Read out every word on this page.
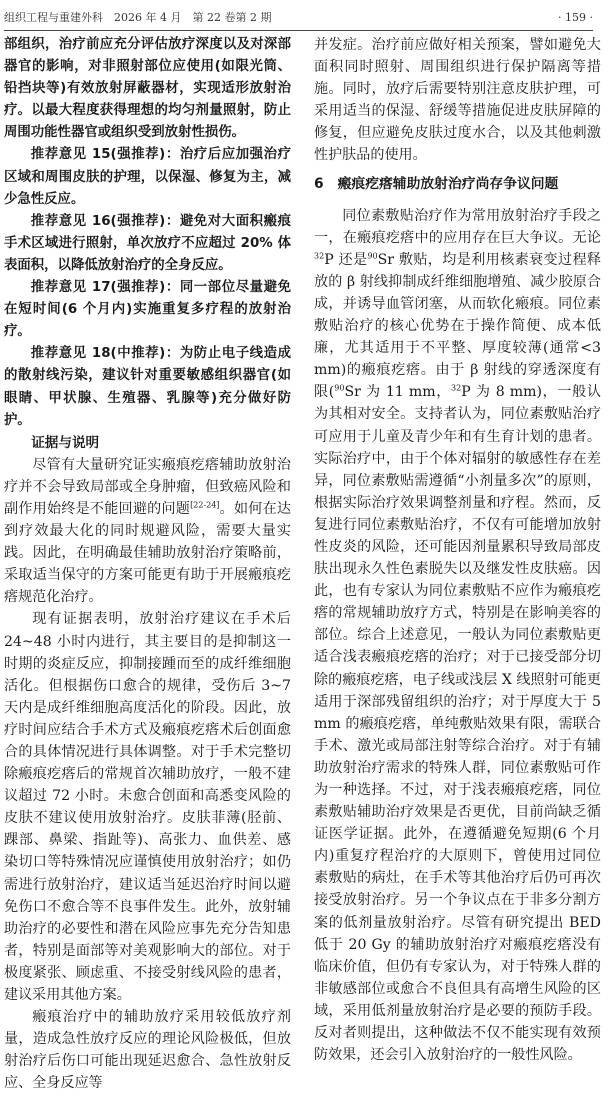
组织工程与重建外科　 2026 年 4 月　第 22 卷第 2 期	· 159 ·

部组织，治疗前应充分评估放疗深度以及对深部器官的影响，对非照射部位应使用(如限光筒、铅挡块等)有效放射屏蔽器材，实现适形放射治疗。以最大程度获得理想的均匀剂量照射，防止周围功能性器官或组织受到放射性损伤。

推荐意见 15(强推荐)：治疗后应加强治疗区域和周围皮肤的护理，以保湿、修复为主，减少急性反应。

推荐意见 16(强推荐)：避免对大面积瘢痕手术区域进行照射，单次放疗不应超过 20% 体表面积，以降低放射治疗的全身反应。

推荐意见 17(强推荐)：同一部位尽量避免在短时间(6 个月内)实施重复多疗程的放射治疗。

推荐意见 18(中推荐)：为防止电子线造成的散射线污染，建议针对重要敏感组织器官(如眼睛、甲状腺、生殖器、乳腺等)充分做好防护。

证据与说明

尽管有大量研究证实瘢痕疙瘩辅助放射治疗并不会导致局部或全身肿瘤，但致癌风险和副作用始终是不能回避的问题[22-24]。如何在达到疗效最大化的同时规避风险，需要大量实践。因此，在明确最佳辅助放射治疗策略前，采取适当保守的方案可能更有助于开展瘢痕疙瘩规范化治疗。

现有证据表明，放射治疗建议在手术后 24~48 小时内进行，其主要目的是抑制这一时期的炎症反应，抑制接踵而至的成纤维细胞活化。但根据伤口愈合的规律，受伤后 3~7 天内是成纤维细胞高度活化的阶段。因此，放疗时间应结合手术方式及瘢痕疙瘩术后创面愈合的具体情况进行具体调整。对于手术完整切除瘢痕疙瘩后的常规首次辅助放疗，一般不建议超过 72 小时。未愈合创面和高悉变风险的皮肤不建议使用放射治疗。皮肤菲薄(胫前、踝部、鼻梁、指趾等)、高张力、血供差、感染切口等特殊情况应谨慎使用放射治疗；如仍需进行放射治疗，建议适当延迟治疗时间以避免伤口不愈合等不良事件发生。此外，放射辅助治疗的必要性和潜在风险应事先充分告知患者，特别是面部等对美观影响大的部位。对于极度紧张、顾虑重、不接受射线风险的患者，建议采用其他方案。

瘢痕治疗中的辅助放疗采用较低放疗剂量，造成急性放疗反应的理论风险极低，但放射治疗后伤口可能出现延迟愈合、急性放射反应、全身反应等

并发症。治疗前应做好相关预案，譬如避免大面积同时照射、周围组织进行保护隔离等措施。同时，放疗后需要特别注意皮肤护理，可采用适当的保湿、舒缓等措施促进皮肤屏障的修复，但应避免皮肤过度水合，以及其他刺激性护肤品的使用。

6 瘢痕疙瘩辅助放射治疗尚存争议问题

同位素敷贴治疗作为常用放射治疗手段之一，在瘢痕疙瘩中的应用存在巨大争议。无论$^{32}$P 还是$^{90}$Sr 敷贴，均是利用核素衰变过程释放的 β 射线抑制成纤维细胞增殖、减少胶原合成，并诱导血管闭塞，从而软化瘢痕。同位素敷贴治疗的核心优势在于操作简便、成本低廉，尤其适用于不平整、厚度较薄(通常<3 mm)的瘢痕疙瘩。由于 β 射线的穿透深度有限($^{90}$Sr 为 11 mm，$^{32}$P 为 8 mm)，一般认为其相对安全。支持者认为，同位素敷贴治疗可应用于儿童及青少年和有生育计划的患者。实际治疗中，由于个体对辐射的敏感性存在差异，同位素敷贴需遵循“小剂量多次”的原则，根据实际治疗效果调整剂量和疗程。然而，反复进行同位素敷贴治疗，不仅有可能增加放射性皮炎的风险，还可能因剂量累积导致局部皮肤出现永久性色素脱失以及继发性皮肤癌。因此，也有专家认为同位素敷贴不应作为瘢痕疙瘩的常规辅助放疗方式，特别是在影响美容的部位。综合上述意见，一般认为同位素敷贴更适合浅表瘢痕疙瘩的治疗；对于已接受部分切除的瘢痕疙瘩，电子线或浅层 X 线照射可能更适用于深部残留组织的治疗；对于厚度大于 5 mm 的瘢痕疙瘩，单纯敷贴效果有限，需联合手术、激光或局部注射等综合治疗。对于有辅助放射治疗需求的特殊人群，同位素敷贴可作为一种选择。不过，对于浅表瘢痕疙瘩，同位素敷贴辅助治疗效果是否更优，目前尚缺乏循证医学证据。此外，在遵循避免短期(6 个月内)重复疗程治疗的大原则下，曾使用过同位素敷贴的病灶，在手术等其他治疗后仍可再次接受放射治疗。另一个争议点在于非多分割方案的低剂量放射治疗。尽管有研究提出 BED 低于 20 Gy 的辅助放射治疗对瘢痕疙瘩没有临床价值，但仍有专家认为，对于特殊人群的非敏感部位或愈合不良但具有高增生风险的区域，采用低剂量放射治疗是必要的预防手段。反对者则提出，这种做法不仅不能实现有效预防效果，还会引入放射治疗的一般性风险。
